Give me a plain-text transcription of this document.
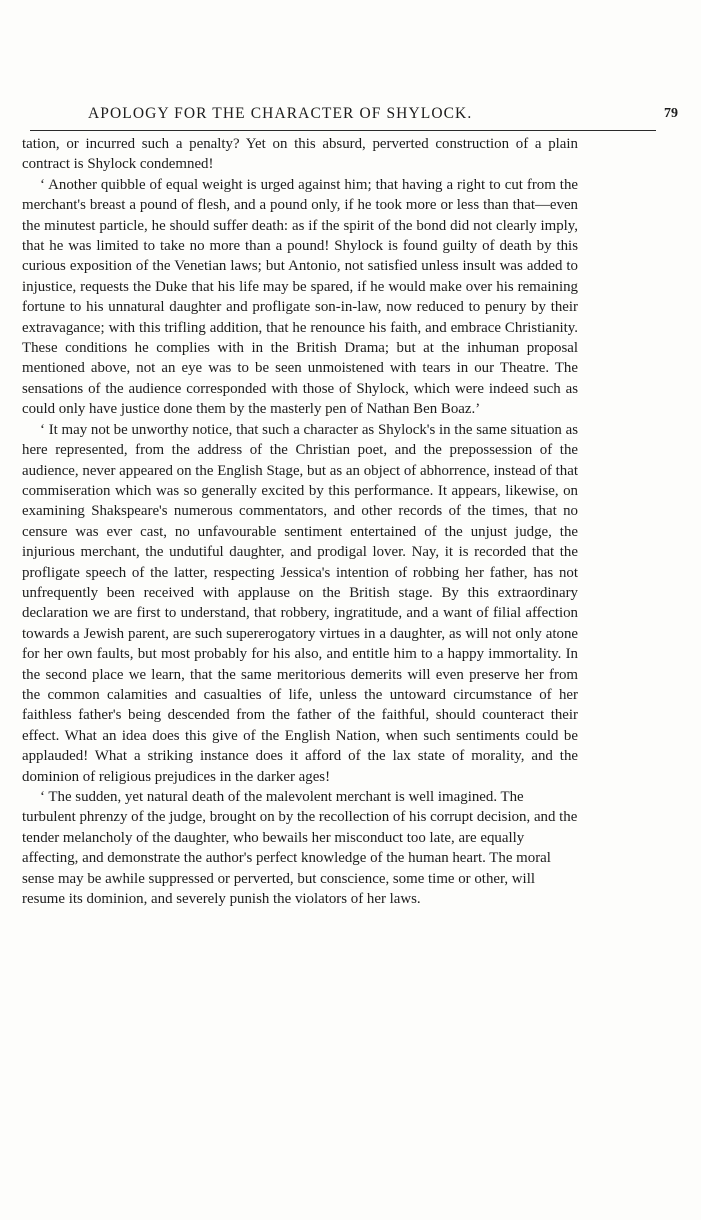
APOLOGY FOR THE CHARACTER OF SHYLOCK.	79

tation, or incurred such a penalty? Yet on this absurd, perverted construction of a plain contract is Shylock condemned!

‘ Another quibble of equal weight is urged against him; that having a right to cut from the merchant's breast a pound of flesh, and a pound only, if he took more or less than that—even the minutest particle, he should suffer death: as if the spirit of the bond did not clearly imply, that he was limited to take no more than a pound! Shylock is found guilty of death by this curious exposition of the Venetian laws; but Antonio, not satisfied unless insult was added to injustice, requests the Duke that his life may be spared, if he would make over his remaining fortune to his unnatural daughter and profligate son-in-law, now reduced to penury by their extravagance; with this trifling addition, that he renounce his faith, and embrace Christianity. These conditions he complies with in the British Drama; but at the inhuman proposal mentioned above, not an eye was to be seen unmoistened with tears in our Theatre. The sensations of the audience corresponded with those of Shylock, which were indeed such as could only have justice done them by the masterly pen of Nathan Ben Boaz.’

‘ It may not be unworthy notice, that such a character as Shylock's in the same situation as here represented, from the address of the Christian poet, and the prepossession of the audience, never appeared on the English Stage, but as an object of abhorrence, instead of that commiseration which was so generally excited by this performance. It appears, likewise, on examining Shakspeare's numerous commentators, and other records of the times, that no censure was ever cast, no unfavourable sentiment entertained of the unjust judge, the injurious merchant, the undutiful daughter, and prodigal lover. Nay, it is recorded that the profligate speech of the latter, respecting Jessica's intention of robbing her father, has not unfrequently been received with applause on the British stage. By this extraordinary declaration we are first to understand, that robbery, ingratitude, and a want of filial affection towards a Jewish parent, are such supererogatory virtues in a daughter, as will not only atone for her own faults, but most probably for his also, and entitle him to a happy immortality. In the second place we learn, that the same meritorious demerits will even preserve her from the common calamities and casualties of life, unless the untoward circumstance of her faithless father's being descended from the father of the faithful, should counteract their effect. What an idea does this give of the English Nation, when such sentiments could be applauded! What a striking instance does it afford of the lax state of morality, and the dominion of religious prejudices in the darker ages!

‘ The sudden, yet natural death of the malevolent merchant is well imagined. The turbulent phrenzy of the judge, brought on by the recollection of his corrupt decision, and the tender melancholy of the daughter, who bewails her misconduct too late, are equally affecting, and demonstrate the author's perfect knowledge of the human heart. The moral sense may be awhile suppressed or perverted, but conscience, some time or other, will resume its dominion, and severely punish the violators of her laws.
